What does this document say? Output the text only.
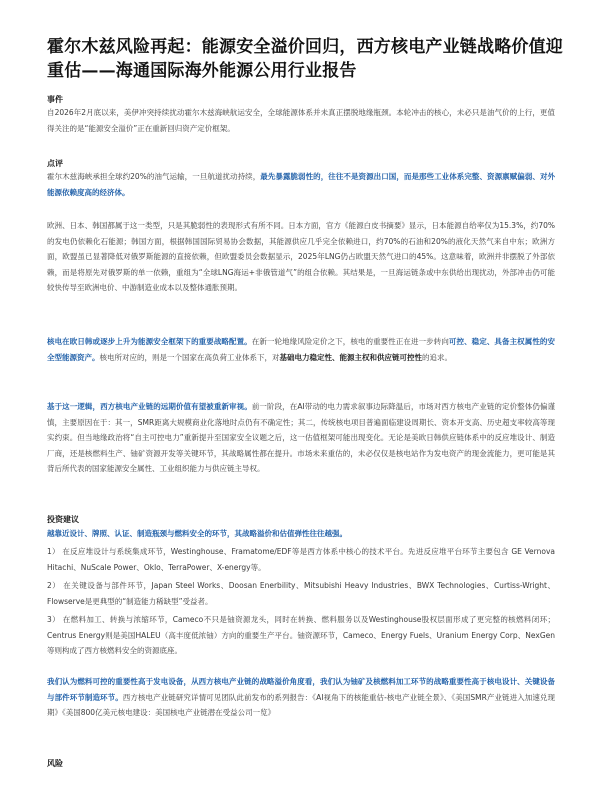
霍尔木兹风险再起：能源安全溢价回归，西方核电产业链战略价值迎重估——海通国际海外能源公用行业报告
事件
自2026年2月底以来，美伊冲突持续扰动霍尔木兹海峡航运安全，全球能源体系并未真正摆脱地缘瓶颈。本轮冲击的核心，未必只是油气价的上行，更值得关注的是“能源安全溢价”正在重新回归资产定价框架。
点评
霍尔木兹海峡承担全球约20%的油气运输，一旦航道扰动持续，最先暴露脆弱性的，往往不是资源出口国，而是那些工业体系完整、资源禀赋偏弱、对外能源依赖度高的经济体。
欧洲、日本、韩国都属于这一类型，只是其脆弱性的表现形式有所不同。日本方面，官方《能源白皮书摘要》显示，日本能源自给率仅为15.3%，约70%的发电仍依赖化石能源；韩国方面，根据韩国国际贸易协会数据，其能源供应几乎完全依赖进口，约70%的石油和20%的液化天然气来自中东；欧洲方面，欧盟虽已显著降低对俄罗斯能源的直接依赖，但欧盟委员会数据显示，2025年LNG仍占欧盟天然气进口的45%。这意味着，欧洲并非摆脱了外部依赖，而是将原先对俄罗斯的单一依赖，重组为“全球LNG海运+非俄管道气”的组合依赖。其结果是，一旦海运链条或中东供给出现扰动，外部冲击仍可能较快传导至欧洲电价、中游制造业成本以及整体通胀预期。
核电在欧日韩或逐步上升为能源安全框架下的重要战略配置。在新一轮地缘风险定价之下，核电的重要性正在进一步转向可控、稳定、具备主权属性的安全型能源资产。核电所对应的，则是一个国家在高负荷工业体系下，对基础电力稳定性、能源主权和供应链可控性的追求。
基于这一逻辑，西方核电产业链的远期价值有望被重新审视。前一阶段，在AI带动的电力需求叙事边际降温后，市场对西方核电产业链的定价整体仍偏谨慎，主要原因在于：其一，SMR距离大规模商业化落地时点仍有不确定性；其二，传统核电项目普遍面临建设周期长、资本开支高、历史超支率较高等现实约束。但当地缘政治将“自主可控电力”重新提升至国家安全议题之后，这一估值框架可能出现变化。无论是美欧日韩供应链体系中的反应堆设计、制造厂商，还是核燃料生产、铀矿资源开发等关键环节，其战略属性都在提升。市场未来重估的，未必仅仅是核电站作为发电资产的现金流能力，更可能是其背后所代表的国家能源安全属性、工业组织能力与供应链主导权。
投资建议
越靠近设计、牌照、认证、制造瓶颈与燃料安全的环节，其战略溢价和估值弹性往往越强。
1） 在反应堆设计与系统集成环节，Westinghouse、Framatome/EDF等是西方体系中核心的技术平台。先进反应堆平台环节主要包含 GE Vernova Hitachi、NuScale Power、Oklo、TerraPower、X-energy等。
2） 在关键设备与部件环节，Japan Steel Works、Doosan Enerbility、Mitsubishi Heavy Industries、BWX Technologies、Curtiss-Wright、Flowserve是更典型的“制造能力稀缺型”受益者。
3） 在燃料加工、转换与浓缩环节，Cameco不只是铀资源龙头，同时在转换、燃料服务以及Westinghouse股权层面形成了更完整的核燃料闭环；Centrus Energy则是美国HALEU（高丰度低浓铀）方向的重要生产平台。铀资源环节，Cameco、Energy Fuels、Uranium Energy Corp、NexGen等则构成了西方核燃料安全的资源底座。
我们认为燃料可控的重要性高于发电设备，从西方核电产业链的战略溢价角度看，我们认为铀矿及核燃料加工环节的战略重要性高于核电设计、关键设备与部件环节制造环节。西方核电产业链研究详情可见团队此前发布的系列报告：《AI视角下的核能重估-核电产业链全景》、《美国SMR产业链进入加速兑现期》《美国800亿美元核电建设：美国核电产业链潜在受益公司一览》
风险
